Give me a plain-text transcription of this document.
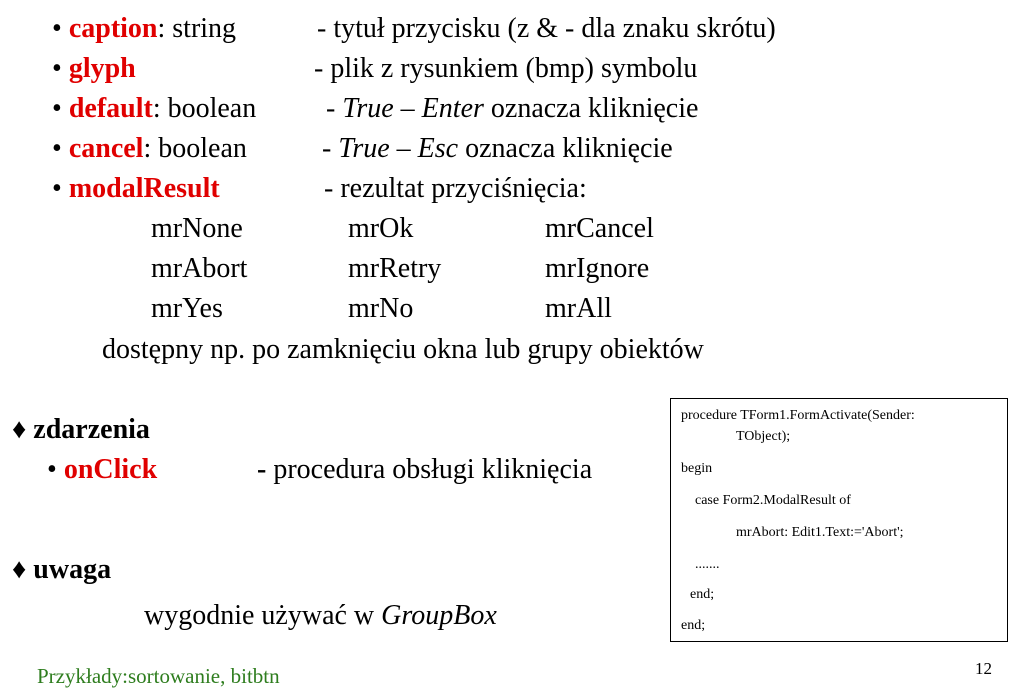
• caption: string	- tytuł przycisku (z & - dla znaku skrótu)
• glyph	- plik z rysunkiem (bmp) symbolu
• default: boolean - True – Enter oznacza kliknięcie
• cancel: boolean	- True – Esc oznacza kliknięcie
• modalResult	- rezultat przyciśnięcia:
mrNone	mrOk	mrCancel
mrAbort	mrRetry	mrIgnore
mrYes	mrNo	mrAll
dostępny np. po zamknięciu okna lub grupy obiektów
♦ zdarzenia
• onClick	- procedura obsługi kliknięcia
♦ uwaga
wygodnie używać w GroupBox
procedure TForm1.FormActivate(Sender:
TObject);
begin
case Form2.ModalResult of
mrAbort: Edit1.Text:='Abort';
.......
end;
end;
Przykłady:sortowanie, bitbtn	12
